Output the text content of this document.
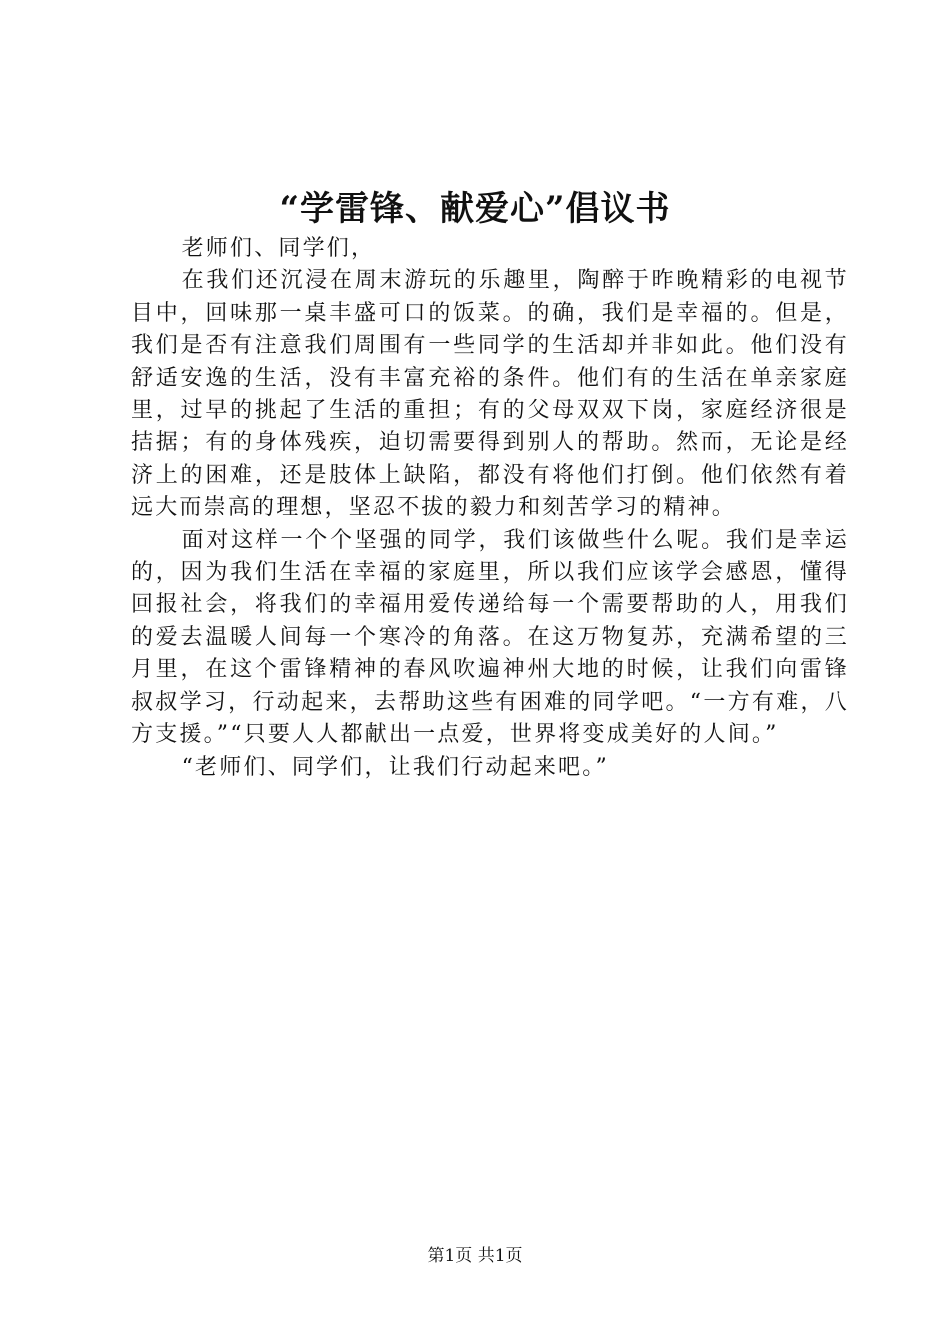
“学雷锋、献爱心”倡议书

老师们、同学们，

在我们还沉浸在周末游玩的乐趣里，陶醉于昨晚精彩的电视节目中，回味那一桌丰盛可口的饭菜。的确，我们是幸福的。但是，我们是否有注意我们周围有一些同学的生活却并非如此。他们没有舒适安逸的生活，没有丰富充裕的条件。他们有的生活在单亲家庭里，过早的挑起了生活的重担；有的父母双双下岗，家庭经济很是拮据；有的身体残疾，迫切需要得到别人的帮助。然而，无论是经济上的困难，还是肢体上缺陷，都没有将他们打倒。他们依然有着远大而崇高的理想，坚忍不拔的毅力和刻苦学习的精神。

面对这样一个个坚强的同学，我们该做些什么呢。我们是幸运的，因为我们生活在幸福的家庭里，所以我们应该学会感恩，懂得回报社会，将我们的幸福用爱传递给每一个需要帮助的人，用我们的爱去温暖人间每一个寒冷的角落。在这万物复苏，充满希望的三月里，在这个雷锋精神的春风吹遍神州大地的时候，让我们向雷锋叔叔学习，行动起来，去帮助这些有困难的同学吧。“一方有难，八方支援。”“只要人人都献出一点爱，世界将变成美好的人间。”

“老师们、同学们，让我们行动起来吧。”

第1页 共1页
